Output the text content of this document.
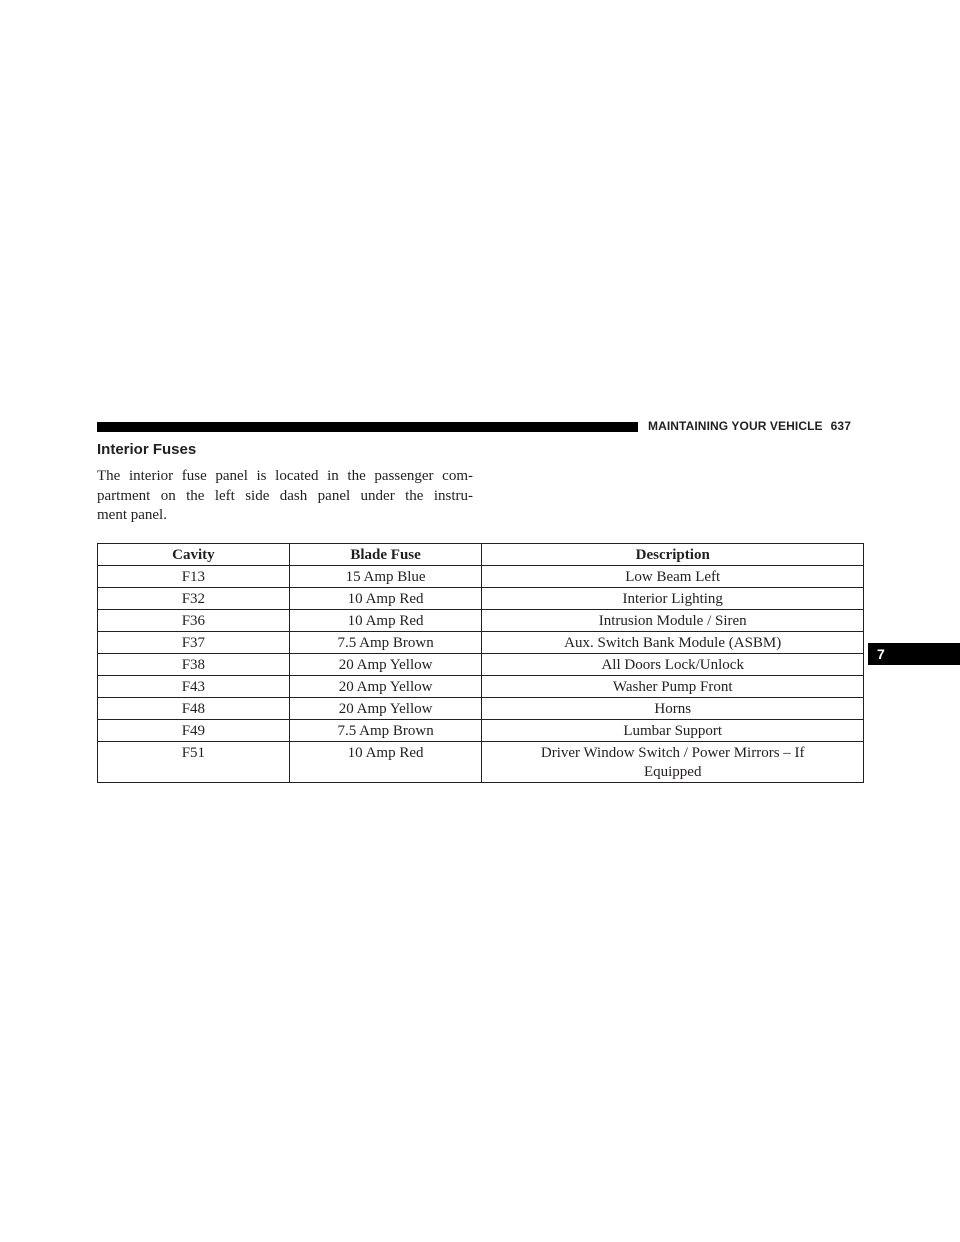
MAINTAINING YOUR VEHICLE 637
Interior Fuses
The interior fuse panel is located in the passenger com-
partment on the left side dash panel under the instru-
ment panel.
Cavity	Blade Fuse	Description
F13	15 Amp Blue	Low Beam Left
F32	10 Amp Red	Interior Lighting
F36	10 Amp Red	Intrusion Module / Siren
F37	7.5 Amp Brown	Aux. Switch Bank Module (ASBM)
F38	20 Amp Yellow	All Doors Lock/Unlock
F43	20 Amp Yellow	Washer Pump Front
F48	20 Amp Yellow	Horns
F49	7.5 Amp Brown	Lumbar Support
F51	10 Amp Red	Driver Window Switch / Power Mirrors – If Equipped
7
